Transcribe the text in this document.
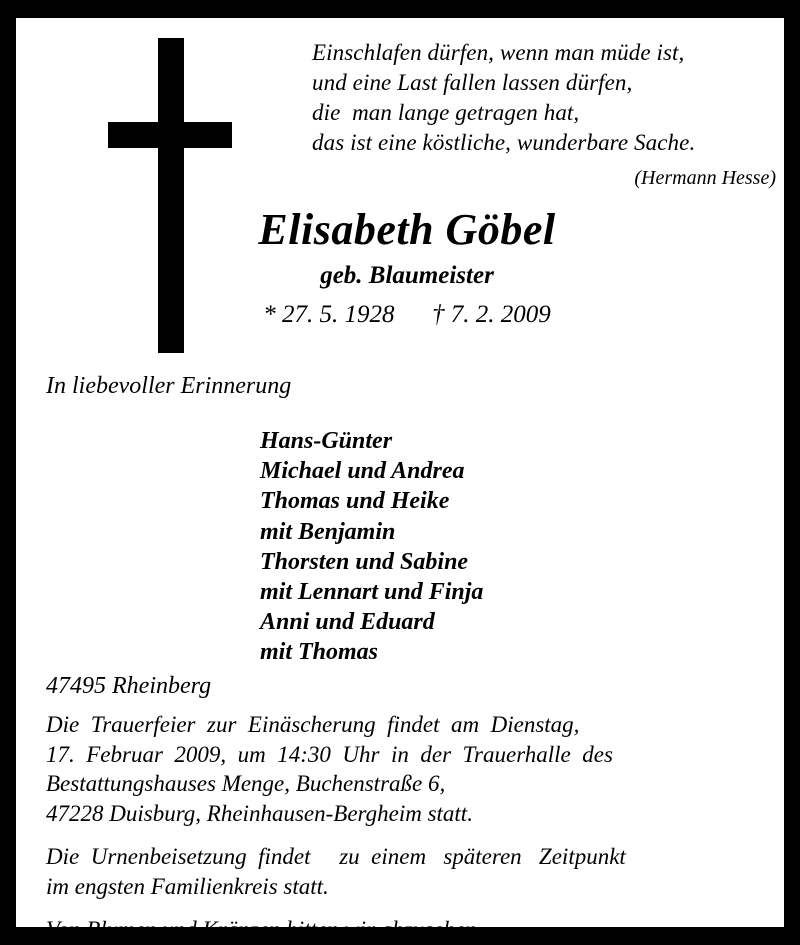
Einschlafen dürfen, wenn man müde ist,
und eine Last fallen lassen dürfen,
die  man lange getragen hat,
das ist eine köstliche, wunderbare Sache.
(Hermann Hesse)
Elisabeth Göbel
geb. Blaumeister
* 27. 5. 1928      † 7. 2. 2009
In liebevoller Erinnerung
Hans-Günter
Michael und Andrea
Thomas und Heike
mit Benjamin
Thorsten und Sabine
mit Lennart und Finja
Anni und Eduard
mit Thomas
47495 Rheinberg

Die  Trauerfeier  zur  Einäscherung  findet  am  Dienstag,
17.  Februar  2009,  um  14:30  Uhr  in  der  Trauerhalle  des
Bestattungshauses Menge, Buchenstraße 6,
47228 Duisburg, Rheinhausen-Bergheim statt.

Die  Urnenbeisetzung  findet     zu  einem   späteren   Zeitpunkt
im engsten Familienkreis statt.

Von Blumen und Kränzen bitten wir abzusehen.
